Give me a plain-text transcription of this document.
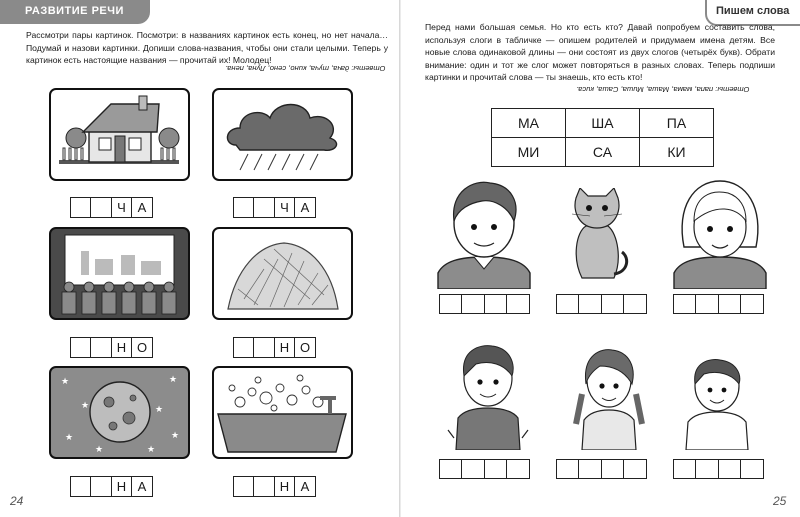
РАЗВИТИЕ РЕЧИ
Рассмотри пары картинок. Посмотри: в названиях картинок есть конец, но нет начала… Подумай и назови картинки. Допиши слова-названия, чтобы они стали целыми. Теперь у картинок есть настоящие названия — прочитай их! Молодец!
Ответы: дача, туча, кино, сено, Луна, пена.
Ч А	Ч А
Н О	Н О
★	★
★	★
★	★
★	★
Н А	Н А
24
Пишем слова
Перед нами большая семья. Но кто есть кто? Давай попробуем составить слова, используя слоги в табличке — опишем родителей и придумаем имена детям. Все новые слова одинаковой длины — они состоят из двух слогов (четырёх букв). Обрати внимание: один и тот же слог может повторяться в разных словах. Теперь подпиши картинки и прочитай слова — ты знаешь, кто есть кто!
Ответы: папа, мама, Маша, Миша, Саша, киса.
МА	ША	ПА
МИ	СА	КИ
25
